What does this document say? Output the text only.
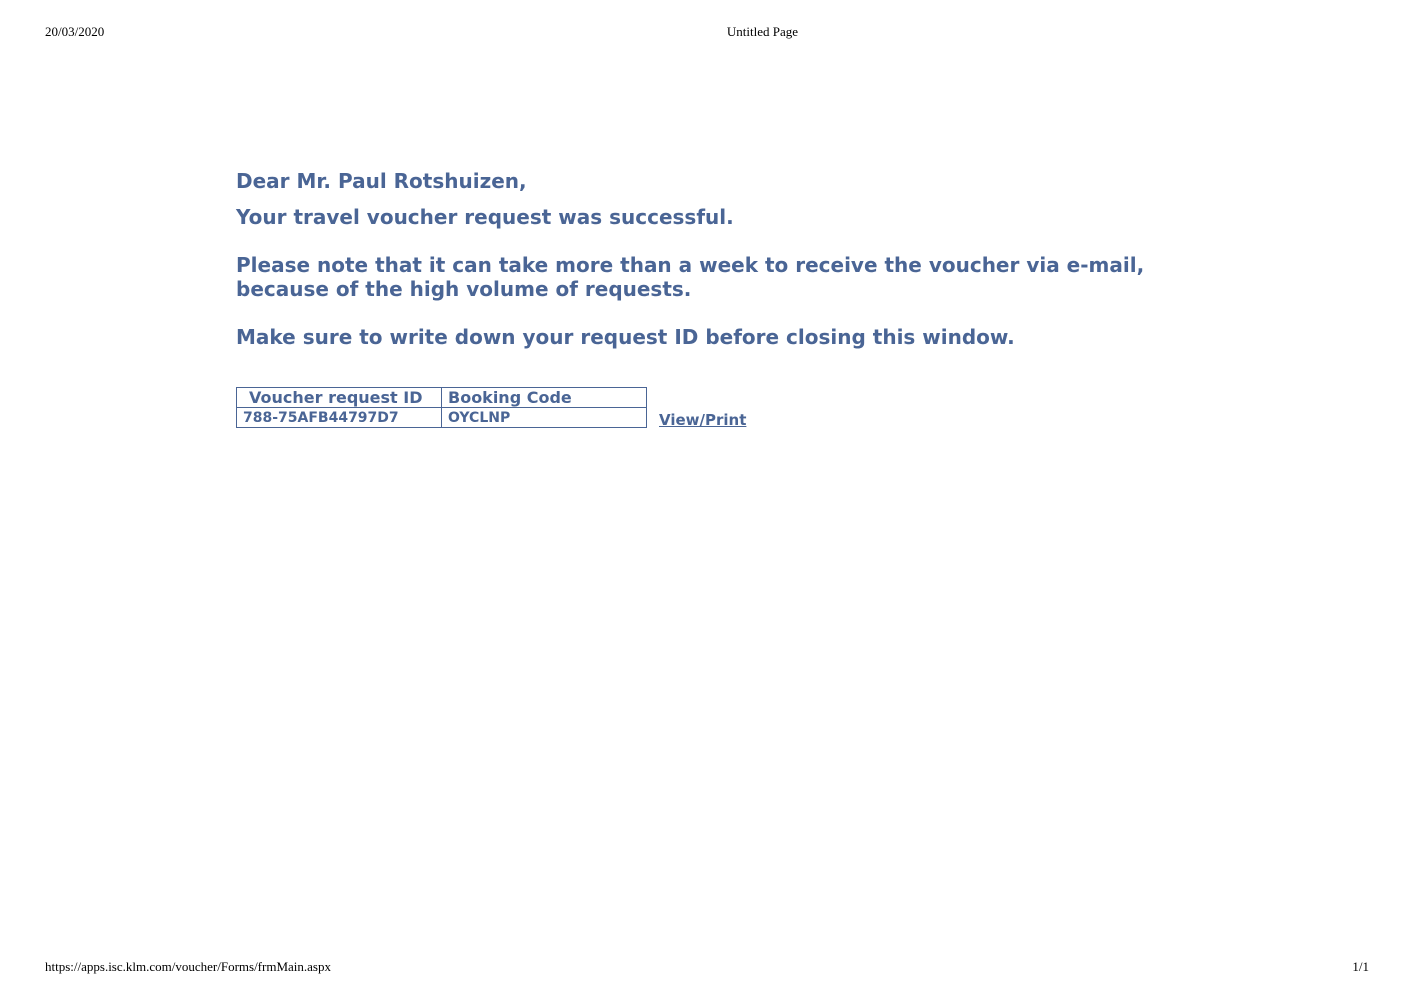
20/03/2020	Untitled Page

Dear Mr. Paul Rotshuizen,

Your travel voucher request was successful.

Please note that it can take more than a week to receive the voucher via e-mail,
because of the high volume of requests.

Make sure to write down your request ID before closing this window.

Voucher request ID	Booking Code
788-75AFB44797D7	OYCLNP	View/Print
https://apps.isc.klm.com/voucher/Forms/frmMain.aspx	1/1
